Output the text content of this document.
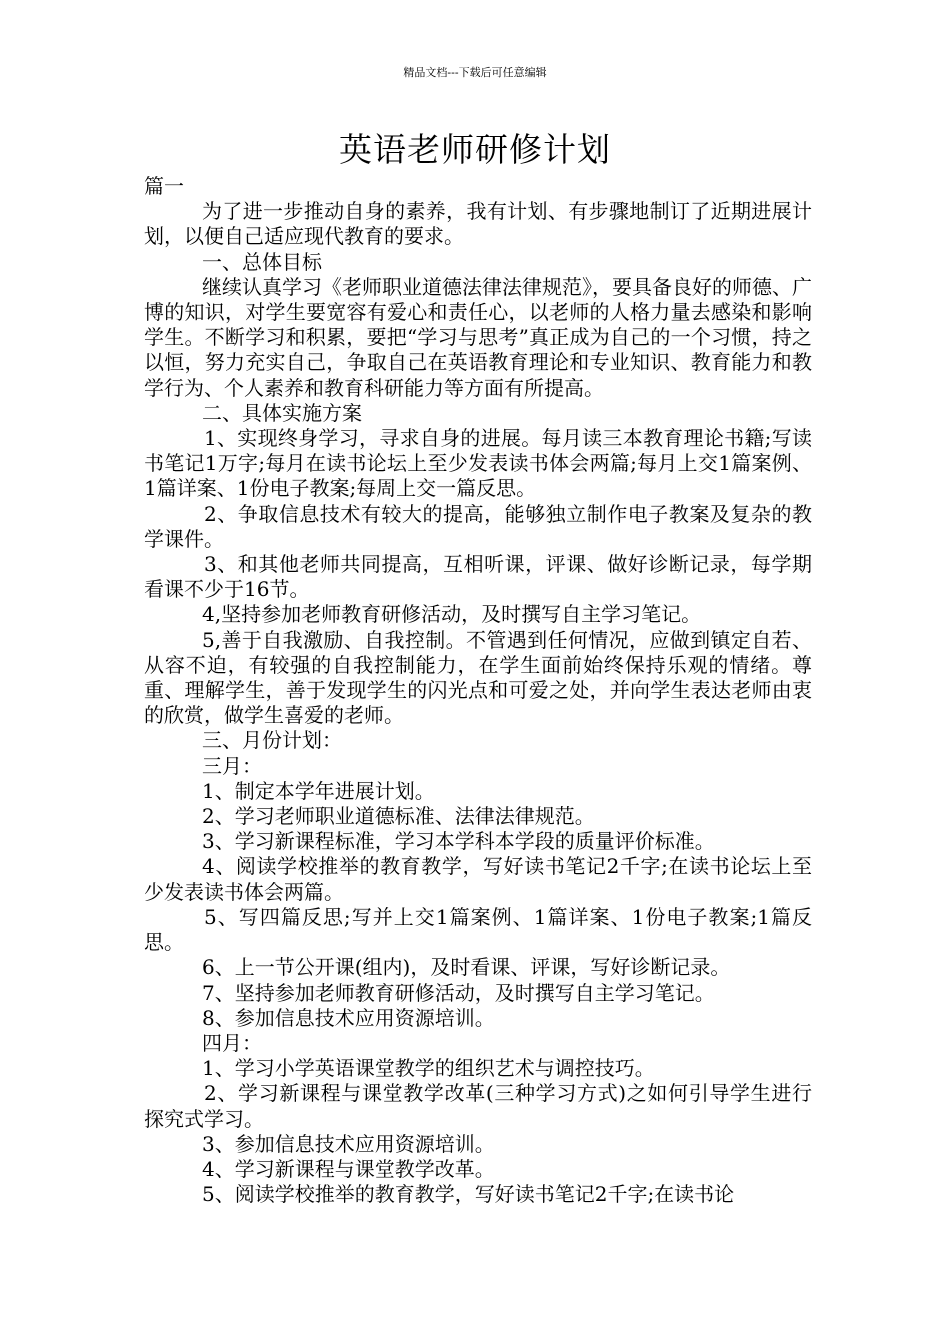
精品文档---下载后可任意编辑
英语老师研修计划

篇一

为了进一步推动自身的素养，我有计划、有步骤地制订了近期进展计划，以便自己适应现代教育的要求。

一、总体目标

继续认真学习《老师职业道德法律法律规范》，要具备良好的师德、广博的知识，对学生要宽容有爱心和责任心，以老师的人格力量去感染和影响学生。不断学习和积累，要把“学习与思考”真正成为自己的一个习惯，持之以恒，努力充实自己，争取自己在英语教育理论和专业知识、教育能力和教学行为、个人素养和教育科研能力等方面有所提高。

二、具体实施方案

1、实现终身学习，寻求自身的进展。每月读三本教育理论书籍;写读书笔记1万字;每月在读书论坛上至少发表读书体会两篇;每月上交1篇案例、1篇详案、1份电子教案;每周上交一篇反思。

2、争取信息技术有较大的提高，能够独立制作电子教案及复杂的教学课件。

3、和其他老师共同提高，互相听课，评课、做好诊断记录，每学期看课不少于16节。

4,坚持参加老师教育研修活动，及时撰写自主学习笔记。

5,善于自我激励、自我控制。不管遇到任何情况，应做到镇定自若、从容不迫，有较强的自我控制能力，在学生面前始终保持乐观的情绪。尊重、理解学生，善于发现学生的闪光点和可爱之处，并向学生表达老师由衷的欣赏，做学生喜爱的老师。

三、月份计划：

三月：

1、制定本学年进展计划。

2、学习老师职业道德标准、法律法律规范。

3、学习新课程标准，学习本学科本学段的质量评价标准。

4、阅读学校推举的教育教学，写好读书笔记2千字;在读书论坛上至少发表读书体会两篇。

5、写四篇反思;写并上交1篇案例、1篇详案、1份电子教案;1篇反思。

6、上一节公开课(组内)，及时看课、评课，写好诊断记录。

7、坚持参加老师教育研修活动，及时撰写自主学习笔记。

8、参加信息技术应用资源培训。

四月：

1、学习小学英语课堂教学的组织艺术与调控技巧。

2、学习新课程与课堂教学改革(三种学习方式)之如何引导学生进行探究式学习。

3、参加信息技术应用资源培训。

4、学习新课程与课堂教学改革。

5、阅读学校推举的教育教学，写好读书笔记2千字;在读书论
